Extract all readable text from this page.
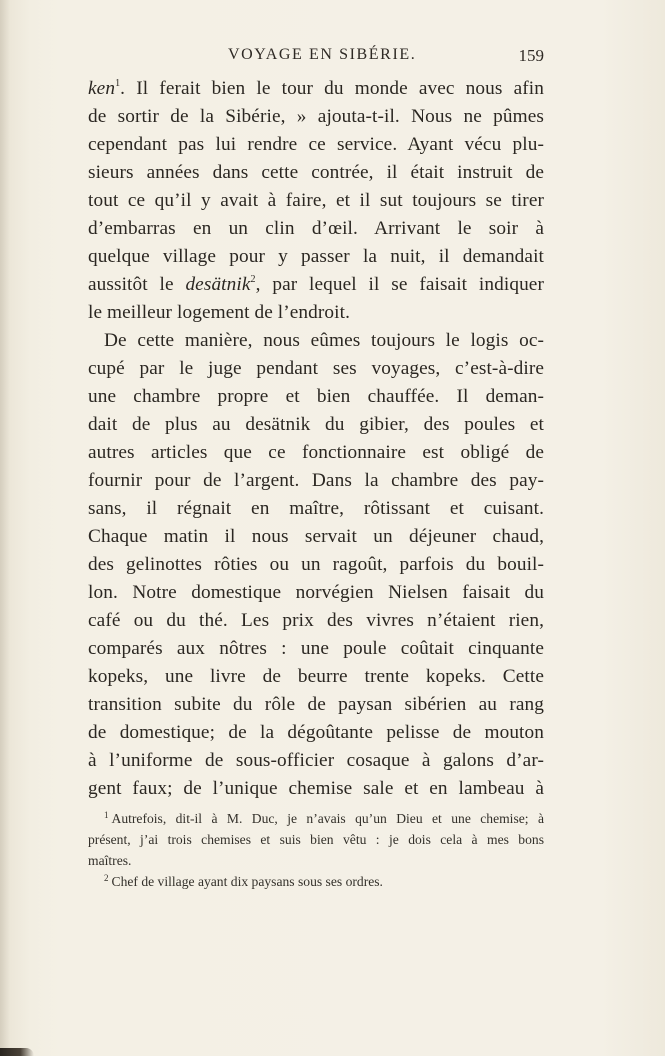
VOYAGE EN SIBÉRIE.	159
ken$^1$. Il ferait bien le tour du monde avec nous afin
de sortir de la Sibérie, » ajouta-t-il. Nous ne pûmes
cependant pas lui rendre ce service. Ayant vécu plu-
sieurs années dans cette contrée, il était instruit de
tout ce qu’il y avait à faire, et il sut toujours se tirer
d’embarras en un clin d’œil. Arrivant le soir à
quelque village pour y passer la nuit, il demandait
aussitôt le desätnik$^2$, par lequel il se faisait indiquer
le meilleur logement de l’endroit.
De cette manière, nous eûmes toujours le logis oc-
cupé par le juge pendant ses voyages, c’est-à-dire
une chambre propre et bien chauffée. Il deman-
dait de plus au desätnik du gibier, des poules et
autres articles que ce fonctionnaire est obligé de
fournir pour de l’argent. Dans la chambre des pay-
sans, il régnait en maître, rôtissant et cuisant.
Chaque matin il nous servait un déjeuner chaud,
des gelinottes rôties ou un ragoût, parfois du bouil-
lon. Notre domestique norvégien Nielsen faisait du
café ou du thé. Les prix des vivres n’étaient rien,
comparés aux nôtres : une poule coûtait cinquante
kopeks, une livre de beurre trente kopeks. Cette
transition subite du rôle de paysan sibérien au rang
de domestique; de la dégoûtante pelisse de mouton
à l’uniforme de sous-officier cosaque à galons d’ar-
gent faux; de l’unique chemise sale et en lambeau à
$^1$ Autrefois, dit-il à M. Duc, je n’avais qu’un Dieu et une chemise; à
présent, j’ai trois chemises et suis bien vêtu : je dois cela à mes bons
maîtres.
$^2$ Chef de village ayant dix paysans sous ses ordres.
